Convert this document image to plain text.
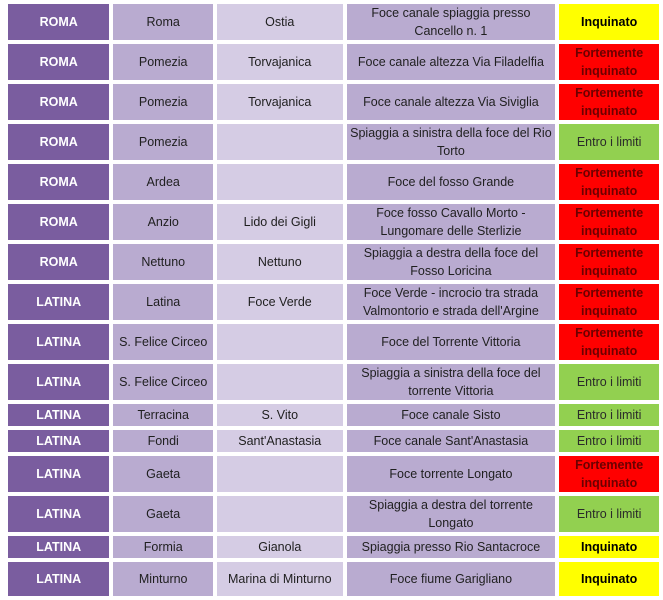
ROMA	Roma	Ostia	Foce canale spiaggia presso Cancello n. 1	Inquinato
ROMA	Pomezia	Torvajanica	Foce canale altezza Via Filadelfia	Fortemente inquinato
ROMA	Pomezia	Torvajanica	Foce canale altezza Via Siviglia	Fortemente inquinato
ROMA	Pomezia		Spiaggia a sinistra della foce del Rio Torto	Entro i limiti
ROMA	Ardea		Foce del fosso Grande	Fortemente inquinato
ROMA	Anzio	Lido dei Gigli	Foce fosso Cavallo Morto - Lungomare delle Sterlizie	Fortemente inquinato
ROMA	Nettuno	Nettuno	Spiaggia a destra della foce del Fosso Loricina	Fortemente inquinato
LATINA	Latina	Foce Verde	Foce Verde - incrocio tra strada Valmontorio e strada dell'Argine	Fortemente inquinato
LATINA	S. Felice Circeo		Foce del Torrente Vittoria	Fortemente inquinato
LATINA	S. Felice Circeo		Spiaggia a sinistra della foce del torrente Vittoria	Entro i limiti
LATINA	Terracina	S. Vito	Foce canale Sisto	Entro i limiti
LATINA	Fondi	Sant'Anastasia	Foce canale Sant'Anastasia	Entro i limiti
LATINA	Gaeta		Foce torrente Longato	Fortemente inquinato
LATINA	Gaeta		Spiaggia a destra del torrente Longato	Entro i limiti
LATINA	Formia	Gianola	Spiaggia presso Rio Santacroce	Inquinato
LATINA	Minturno	Marina di Minturno	Foce fiume Garigliano	Inquinato
